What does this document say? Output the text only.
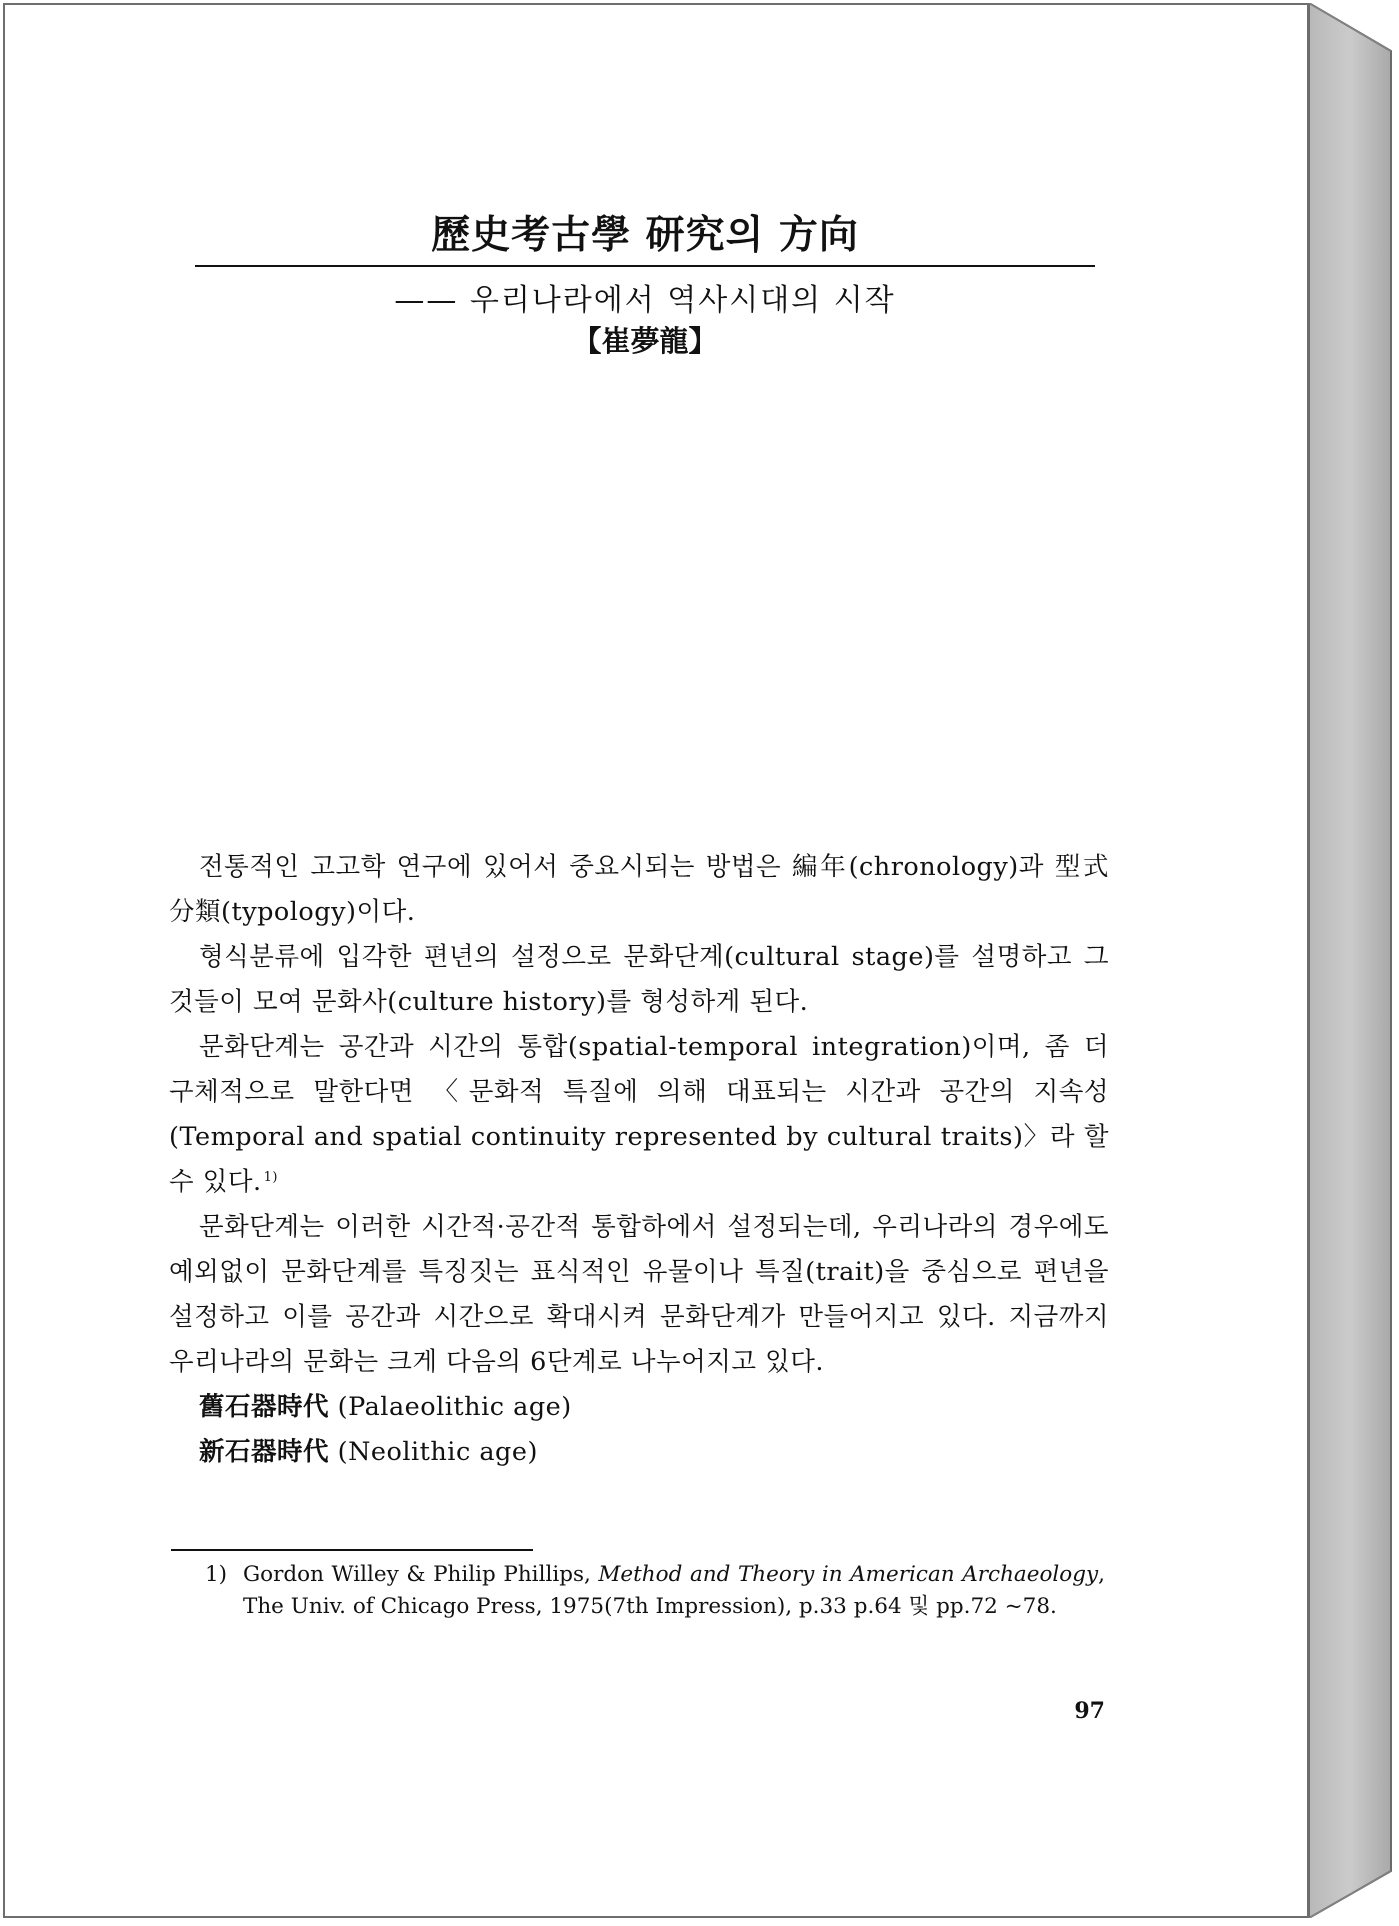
歷史考古學 研究의 方向
—— 우리나라에서 역사시대의 시작
【崔夢龍】

전통적인 고고학 연구에 있어서 중요시되는 방법은 編年(chronology)과 型式分類(typology)이다.

형식분류에 입각한 편년의 설정으로 문화단계(cultural stage)를 설명하고 그것들이 모여 문화사(culture history)를 형성하게 된다.

문화단계는 공간과 시간의 통합(spatial-temporal integration)이며, 좀 더 구체적으로 말한다면 〈문화적 특질에 의해 대표되는 시간과 공간의 지속성 (Temporal and spatial continuity represented by cultural traits)〉라 할 수 있다. $^{1)}$

문화단계는 이러한 시간적·공간적 통합하에서 설정되는데, 우리나라의 경우에도 예외없이 문화단계를 특징짓는 표식적인 유물이나 특질(trait)을 중심으로 편년을 설정하고 이를 공간과 시간으로 확대시켜 문화단계가 만들어지고 있다. 지금까지 우리나라의 문화는 크게 다음의 6단계로 나누어지고 있다.

舊石器時代 (Palaeolithic age)

新石器時代 (Neolithic age)

1) Gordon Willey & Philip Phillips, Method and Theory in American Archaeology, The Univ. of Chicago Press, 1975(7th Impression), p.33 p.64 및 pp.72 ~78.
97
